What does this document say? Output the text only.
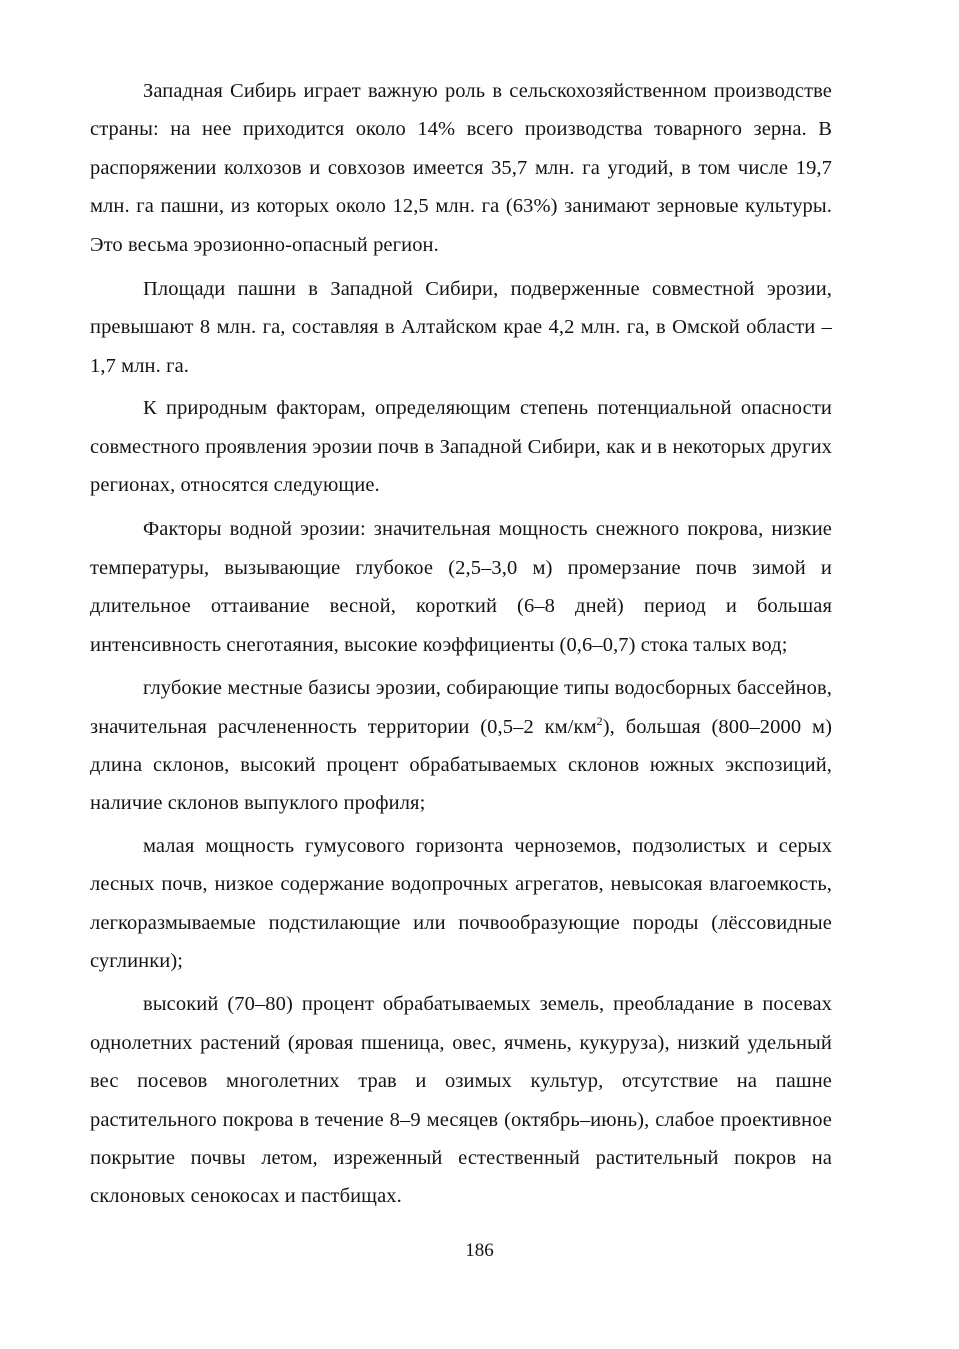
Западная Сибирь играет важную роль в сельскохозяйственном производстве страны: на нее приходится около 14% всего производства товарного зерна. В распоряжении колхозов и совхозов имеется 35,7 млн. га угодий, в том числе 19,7 млн. га пашни, из которых около 12,5 млн. га (63%) занимают зерновые культуры. Это весьма эрозионно-опасный регион.

Площади пашни в Западной Сибири, подверженные совместной эрозии, превышают 8 млн. га, составляя в Алтайском крае 4,2 млн. га, в Омской области – 1,7 млн. га.

К природным факторам, определяющим степень потенциальной опасности совместного проявления эрозии почв в Западной Сибири, как и в некоторых других регионах, относятся следующие.

Факторы водной эрозии: значительная мощность снежного покрова, низкие температуры, вызывающие глубокое (2,5–3,0 м) промерзание почв зимой и длительное оттаивание весной, короткий (6–8 дней) период и большая интенсивность снеготаяния, высокие коэффициенты (0,6–0,7) стока талых вод;

глубокие местные базисы эрозии, собирающие типы водосборных бассейнов, значительная расчлененность территории (0,5–2 $км/км^2$), большая (800–2000 м) длина склонов, высокий процент обрабатываемых склонов южных экспозиций, наличие склонов выпуклого профиля;

малая мощность гумусового горизонта черноземов, подзолистых и серых лесных почв, низкое содержание водопрочных агрегатов, невысокая влагоемкость, легкоразмываемые подстилающие или почвообразующие породы (лёссовидные суглинки);

высокий (70–80) процент обрабатываемых земель, преобладание в посевах однолетних растений (яровая пшеница, овес, ячмень, кукуруза), низкий удельный вес посевов многолетних трав и озимых культур, отсутствие на пашне растительного покрова в течение 8–9 месяцев (октябрь–июнь), слабое проективное покрытие почвы летом, изреженный естественный растительный покров на склоновых сенокосах и пастбищах.

186
